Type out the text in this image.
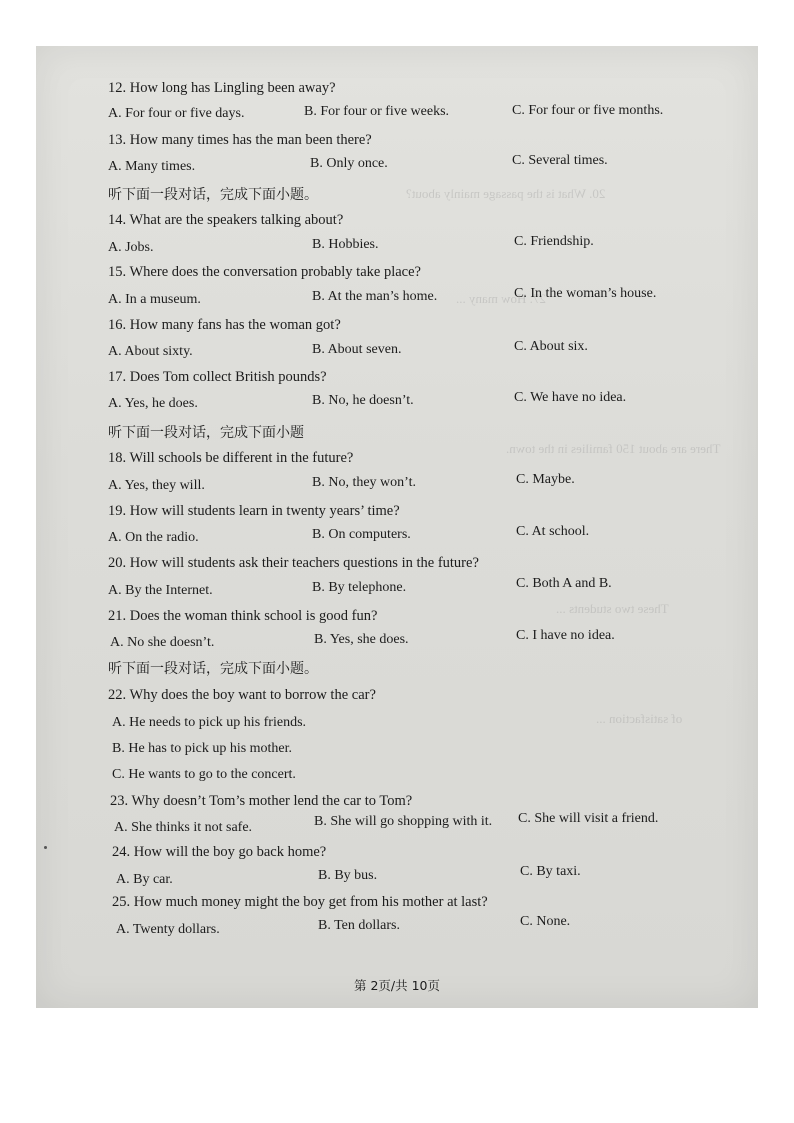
20. What is the passage mainly about?
27. How many ...
There are about 150 families in the town.
These two students ...
of satisfaction ...
12. How long has Lingling been away?
A. For four or five days.	B. For four or five weeks.	C. For four or five months.
13. How many times has the man been there?
A. Many times.	B. Only once.	C. Several times.
听下面一段对话，完成下面小题。
14. What are the speakers talking about?
A. Jobs.	B. Hobbies.	C. Friendship.
15. Where does the conversation probably take place?
A. In a museum.	B. At the man’s home.	C. In the woman’s house.
16. How many fans has the woman got?
A. About sixty.	B. About seven.	C. About six.
17. Does Tom collect British pounds?
A. Yes, he does.	B. No, he doesn’t.	C. We have no idea.
听下面一段对话，完成下面小题
18. Will schools be different in the future?
A. Yes, they will.	B. No, they won’t.	C. Maybe.
19. How will students learn in twenty years’ time?
A. On the radio.	B. On computers.	C. At school.
20. How will students ask their teachers questions in the future?
A. By the Internet.	B. By telephone.	C. Both A and B.
21. Does the woman think school is good fun?
A. No she doesn’t.	B. Yes, she does.	C. I have no idea.
听下面一段对话，完成下面小题。
22. Why does the boy want to borrow the car?
A. He needs to pick up his friends.
B. He has to pick up his mother.
C. He wants to go to the concert.
23. Why doesn’t Tom’s mother lend the car to Tom?
A. She thinks it not safe.	B. She will go shopping with it. C. She will visit a friend.
24. How will the boy go back home?
A. By car.	B. By bus.	C. By taxi.
25. How much money might the boy get from his mother at last?
A. Twenty dollars.	B. Ten dollars.	C. None.
第 2页/共 10页
